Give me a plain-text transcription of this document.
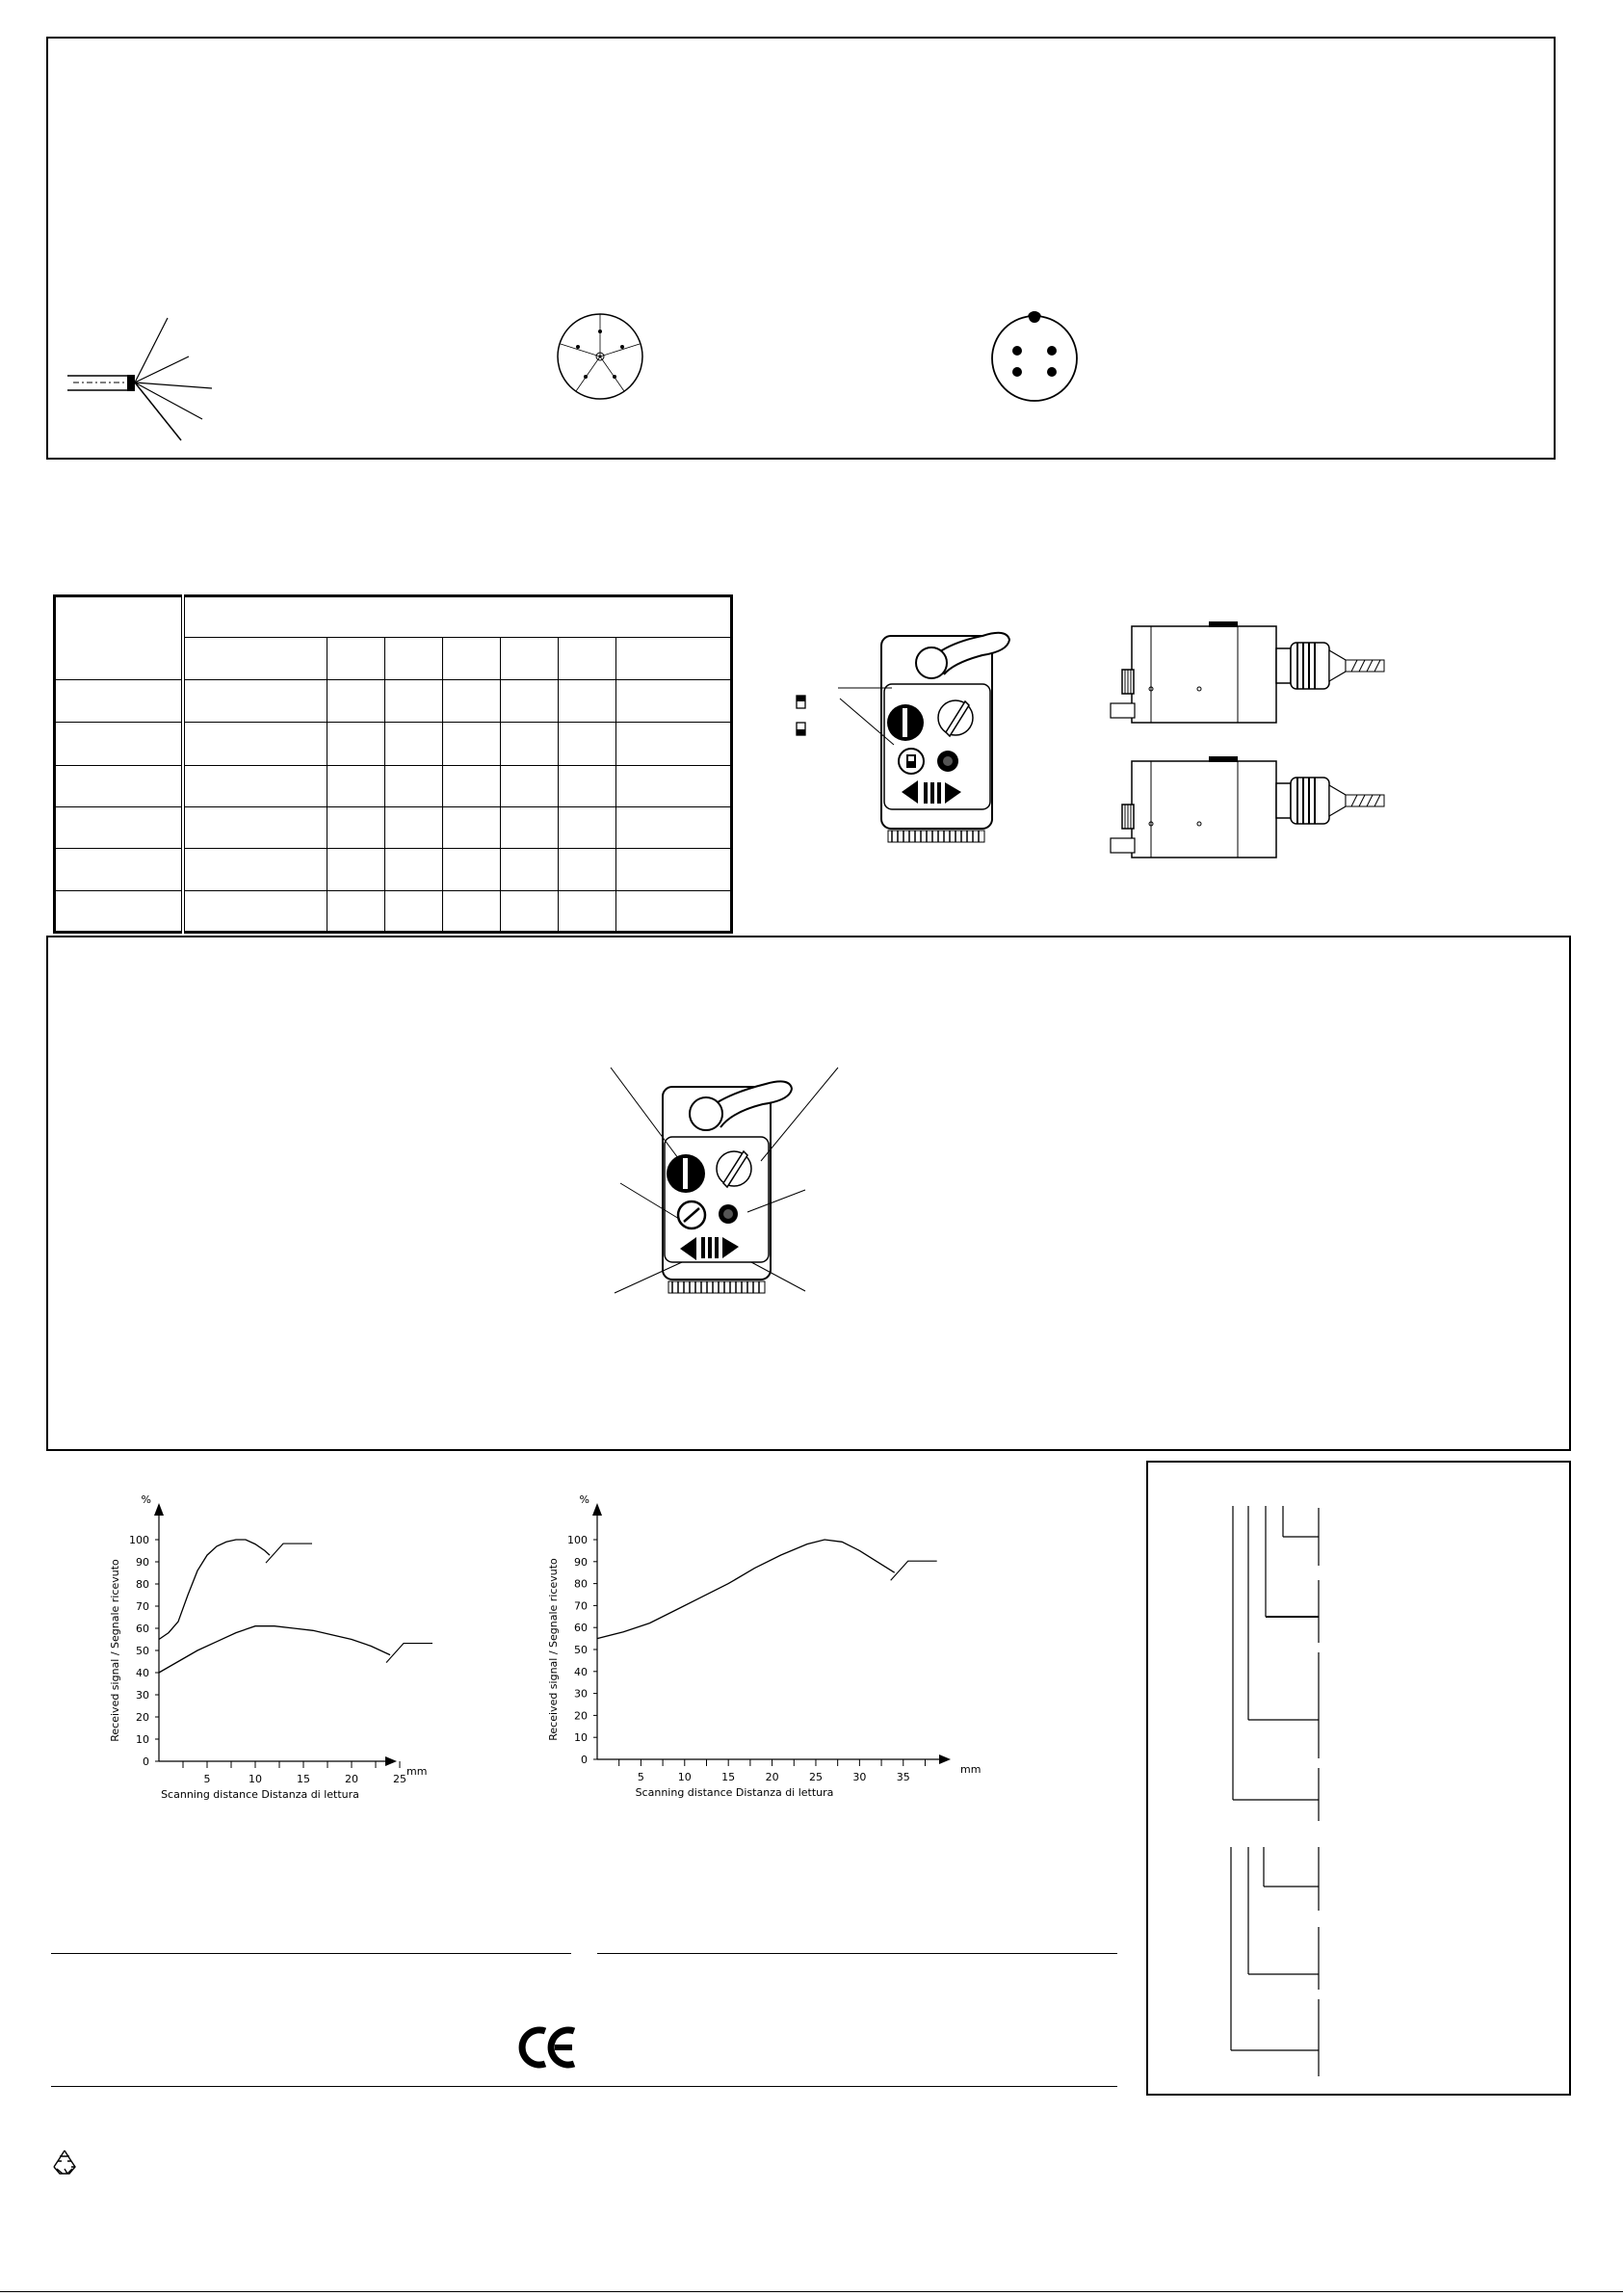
0
10
20
30
40
50
60
70
80
90
100
5	10	15	20	25
%
mm
Scanning distance Distanza di lettura
Received signal / Segnale ricevuto
0
10
20
30
40
50
60
70
80
90
100
5	10	15	20	25	30	35
%
mm
Scanning distance Distanza di lettura
Received signal / Segnale ricevuto
